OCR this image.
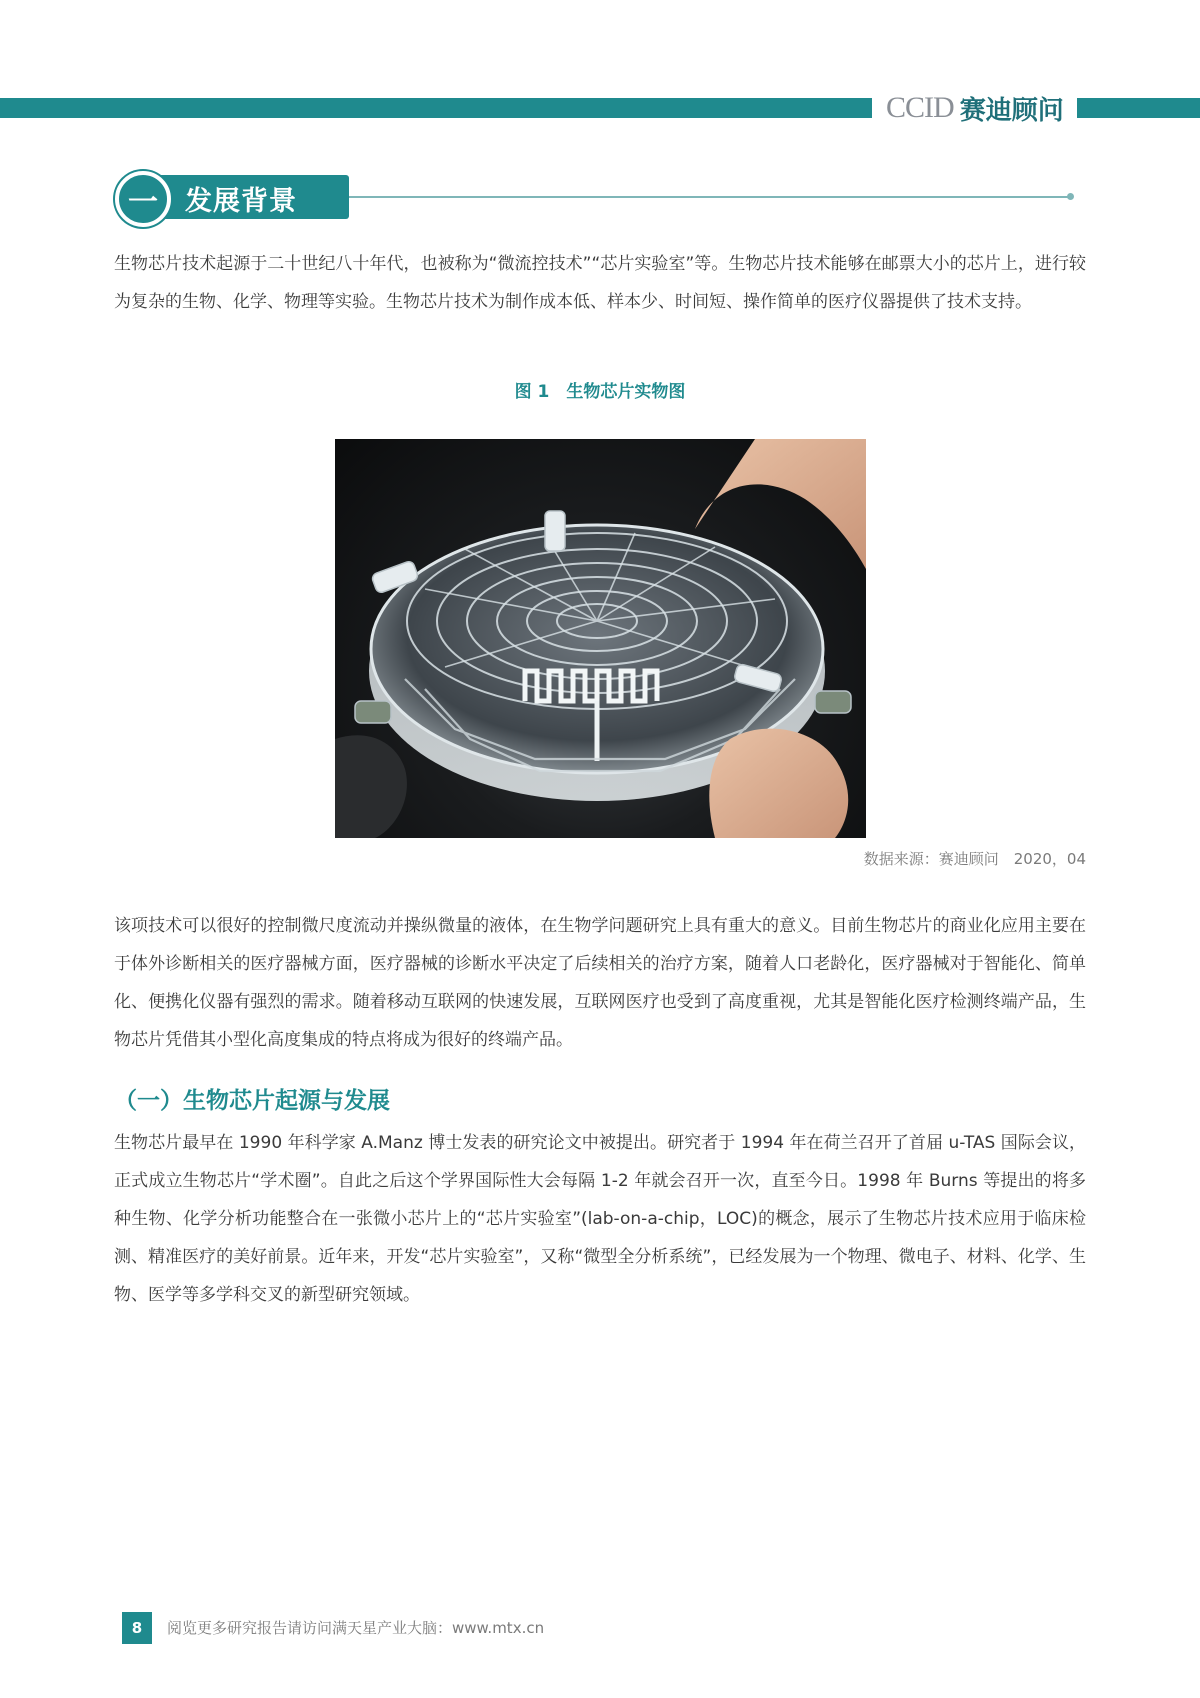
CCID 赛迪顾问
一	发展背景
生物芯片技术起源于二十世纪八十年代，也被称为“微流控技术”“芯片实验室”等。生物芯片技术能够在邮票大小的芯片上，进行较为复杂的生物、化学、物理等实验。生物芯片技术为制作成本低、样本少、时间短、操作简单的医疗仪器提供了技术支持。
图 1　生物芯片实物图
数据来源：赛迪顾问　2020，04
该项技术可以很好的控制微尺度流动并操纵微量的液体，在生物学问题研究上具有重大的意义。目前生物芯片的商业化应用主要在于体外诊断相关的医疗器械方面，医疗器械的诊断水平决定了后续相关的治疗方案，随着人口老龄化，医疗器械对于智能化、简单化、便携化仪器有强烈的需求。随着移动互联网的快速发展，互联网医疗也受到了高度重视，尤其是智能化医疗检测终端产品，生物芯片凭借其小型化高度集成的特点将成为很好的终端产品。
（一）生物芯片起源与发展
生物芯片最早在 1990 年科学家 A.Manz 博士发表的研究论文中被提出。研究者于 1994 年在荷兰召开了首届 u-TAS 国际会议，正式成立生物芯片“学术圈”。自此之后这个学界国际性大会每隔 1-2 年就会召开一次，直至今日。1998 年 Burns 等提出的将多种生物、化学分析功能整合在一张微小芯片上的“芯片实验室”(lab-on-a-chip，LOC)的概念，展示了生物芯片技术应用于临床检测、精准医疗的美好前景。近年来，开发“芯片实验室”，又称“微型全分析系统”，已经发展为一个物理、微电子、材料、化学、生物、医学等多学科交叉的新型研究领域。
8	阅览更多研究报告请访问满天星产业大脑：www.mtx.cn
